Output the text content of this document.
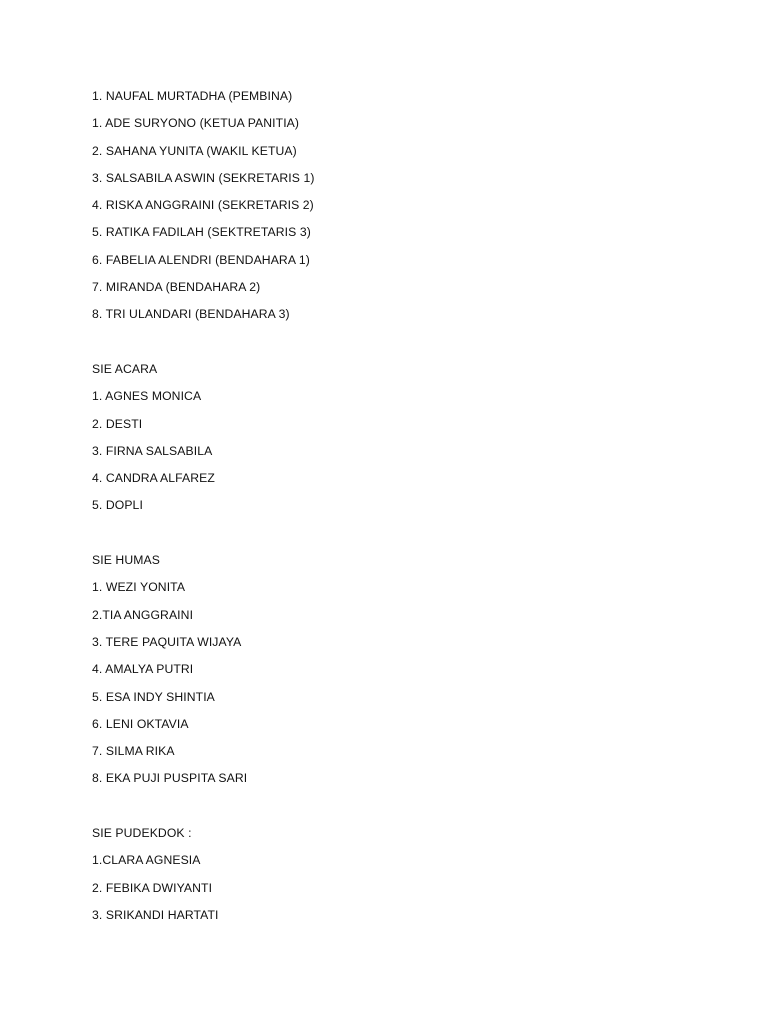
1. NAUFAL MURTADHA (PEMBINA)
1. ADE SURYONO (KETUA PANITIA)
2. SAHANA YUNITA (WAKIL KETUA)
3. SALSABILA ASWIN (SEKRETARIS 1)
4. RISKA ANGGRAINI (SEKRETARIS 2)
5. RATIKA FADILAH (SEKTRETARIS 3)
6. FABELIA ALENDRI (BENDAHARA 1)
7. MIRANDA (BENDAHARA 2)
8. TRI ULANDARI (BENDAHARA 3)
SIE ACARA
1. AGNES MONICA
2. DESTI
3. FIRNA SALSABILA
4. CANDRA ALFAREZ
5. DOPLI
SIE HUMAS
1. WEZI YONITA
2.TIA ANGGRAINI
3. TERE PAQUITA WIJAYA
4. AMALYA PUTRI
5. ESA INDY SHINTIA
6. LENI OKTAVIA
7. SILMA RIKA
8. EKA PUJI PUSPITA SARI
SIE PUDEKDOK :
1.CLARA AGNESIA
2. FEBIKA DWIYANTI
3. SRIKANDI HARTATI
